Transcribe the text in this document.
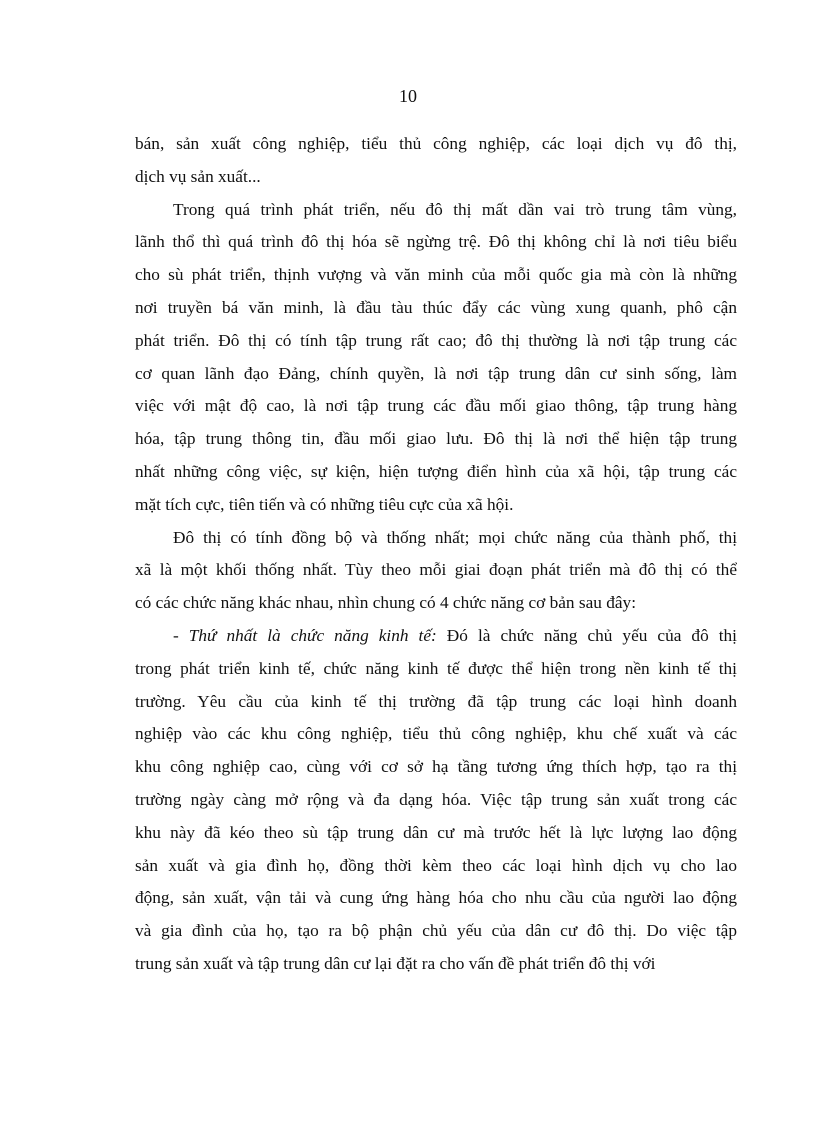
10
bán, sản xuất công nghiệp, tiểu thủ công nghiệp, các loại dịch vụ đô thị,
dịch vụ sản xuất...
Trong quá trình phát triển, nếu đô thị mất dần vai trò trung tâm vùng,
lãnh thổ thì quá trình đô thị hóa sẽ ngừng trệ. Đô thị không chỉ là nơi tiêu biểu
cho sù phát triển, thịnh vượng và văn minh của mỗi quốc gia mà còn là những
nơi truyền bá văn minh, là đầu tàu thúc đẩy các vùng xung quanh, phô cận
phát triển. Đô thị có tính tập trung rất cao; đô thị thường là nơi tập trung các
cơ quan lãnh đạo Đảng, chính quyền, là nơi tập trung dân cư sinh sống, làm
việc với mật độ cao, là nơi tập trung các đầu mối giao thông, tập trung hàng
hóa, tập trung thông tin, đầu mối giao lưu. Đô thị là nơi thể hiện tập trung
nhất những công việc, sự kiện, hiện tượng điển hình của xã hội, tập trung các
mặt tích cực, tiên tiến và có những tiêu cực của xã hội.
Đô thị có tính đồng bộ và thống nhất; mọi chức năng của thành phố, thị
xã là một khối thống nhất. Tùy theo mỗi giai đoạn phát triển mà đô thị có thể
có các chức năng khác nhau, nhìn chung có 4 chức năng cơ bản sau đây:
- Thứ nhất là chức năng kinh tế: Đó là chức năng chủ yếu của đô thị
trong phát triển kinh tế, chức năng kinh tế được thể hiện trong nền kinh tế thị
trường. Yêu cầu của kinh tế thị trường đã tập trung các loại hình doanh
nghiệp vào các khu công nghiệp, tiểu thủ công nghiệp, khu chế xuất và các
khu công nghiệp cao, cùng với cơ sở hạ tầng tương ứng thích hợp, tạo ra thị
trường ngày càng mở rộng và đa dạng hóa. Việc tập trung sản xuất trong các
khu này đã kéo theo sù tập trung dân cư mà trước hết là lực lượng lao động
sản xuất và gia đình họ, đồng thời kèm theo các loại hình dịch vụ cho lao
động, sản xuất, vận tải và cung ứng hàng hóa cho nhu cầu của người lao động
và gia đình của họ, tạo ra bộ phận chủ yếu của dân cư đô thị. Do việc tập
trung sản xuất và tập trung dân cư lại đặt ra cho vấn đề phát triển đô thị với
